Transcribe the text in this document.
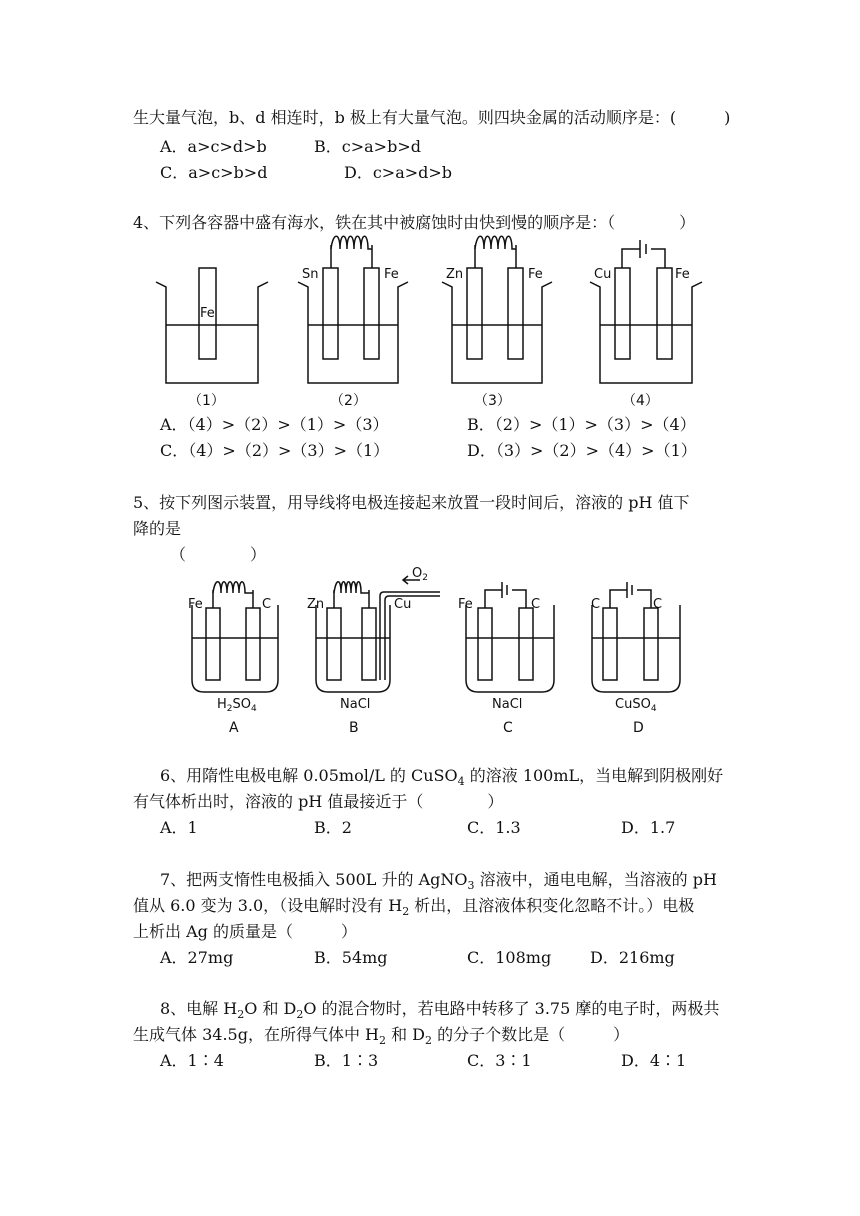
生大量气泡，b、d 相连时，b 极上有大量气泡。则四块金属的活动顺序是：(　　　)
A．a>c>d>b	B．c>a>b>d
C．a>c>b>d	D．c>a>d>b
4、下列各容器中盛有海水，铁在其中被腐蚀时由快到慢的顺序是：（　　　　）
Fe
Sn	Fe	Zn	Fe	Cu	Fe
（1）	（2）	（3）	（4）
A．（4）>（2）>（1）>（3）	B．（2）>（1）>（3）>（4）
C．（4）>（2）>（3）>（1）	D．（3）>（2）>（4）>（1）
5、按下列图示装置，用导线将电极连接起来放置一段时间后，溶液的 pH 值下
降的是
（　　　　）
Fe	C	Zn	Cu
$O_2$
Fe	C	C	C
$H_2SO_4$	NaCl	NaCl	CuSO$_4$
A	B	C	D
6、用隋性电极电解 0.05mol/L 的 CuSO$_4$ 的溶液 100mL，当电解到阴极刚好
有气体析出时，溶液的 pH 值最接近于（　　　　）
A．1	B．2	C．1.3	D．1.7
7、把两支惰性电极插入 500L 升的 AgNO$_3$ 溶液中，通电电解，当溶液的 pH
值从 6.0 变为 3.0，（设电解时没有 $H_2$ 析出，且溶液体积变化忽略不计。）电极
上析出 Ag 的质量是（　　　）
A．27mg	B．54mg	C．108mg D．216mg
8、电解 $H_2O$ 和 $D_2O$ 的混合物时，若电路中转移了 3.75 摩的电子时，两极共
生成气体 34.5g，在所得气体中 $H_2$ 和 $D_2$ 的分子个数比是（　　　）
A．1∶4	B．1∶3	C．3∶1	D．4∶1
